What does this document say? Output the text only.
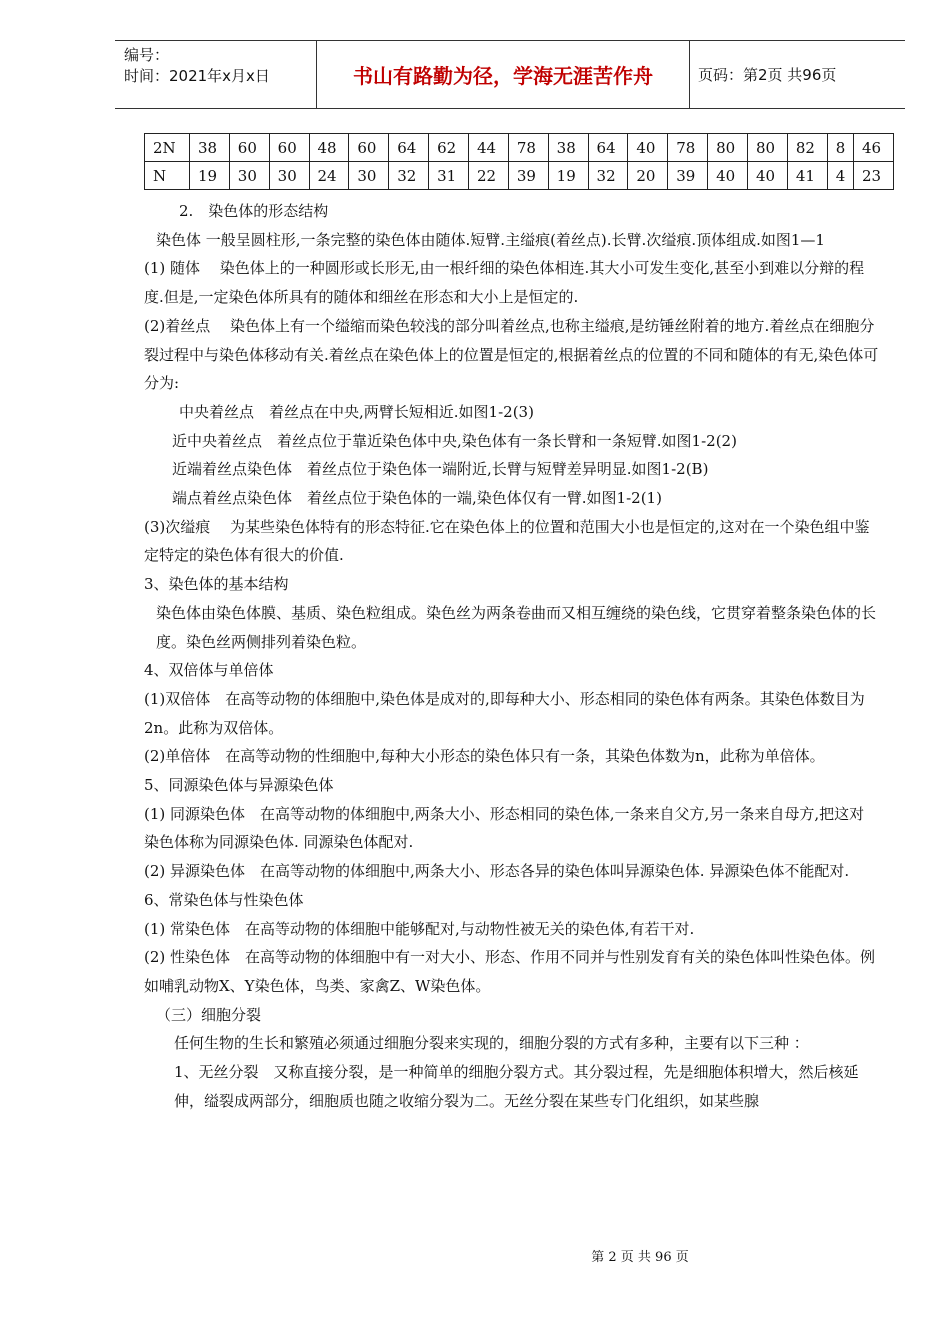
编号：
时间：2021年x月x日	书山有路勤为径，学海无涯苦作舟	页码：第2页 共96页
2N	38	60	60	48	60	64	62	44	78	38	64	40	78	80	80	82	8	46
N	19	30	30	24	30	32	31	22	39	19	32	20	39	40	40	41	4	23

2.　染色体的形态结构

染色体 一般呈圆柱形,一条完整的染色体由随体.短臂.主缢痕(着丝点).长臂.次缢痕.顶体组成.如图1—1

(1) 随体　 染色体上的一种圆形或长形无,由一根纤细的染色体相连.其大小可发生变化,甚至小到难以分辩的程度.但是,一定染色体所具有的随体和细丝在形态和大小上是恒定的.

(2)着丝点　 染色体上有一个缢缩而染色较浅的部分叫着丝点,也称主缢痕,是纺锤丝附着的地方.着丝点在细胞分裂过程中与染色体移动有关.着丝点在染色体上的位置是恒定的,根据着丝点的位置的不同和随体的有无,染色体可分为:

中央着丝点　着丝点在中央,两臂长短相近.如图1-2(3)

近中央着丝点　着丝点位于靠近染色体中央,染色体有一条长臂和一条短臂.如图1-2(2)

近端着丝点染色体　着丝点位于染色体一端附近,长臂与短臂差异明显.如图1-2(B)

端点着丝点染色体　着丝点位于染色体的一端,染色体仅有一臂.如图1-2(1)

(3)次缢痕　 为某些染色体特有的形态特征.它在染色体上的位置和范围大小也是恒定的,这对在一个染色组中鉴定特定的染色体有很大的价值.

3、染色体的基本结构

染色体由染色体膜、基质、染色粒组成。染色丝为两条卷曲而又相互缠绕的染色线，它贯穿着整条染色体的长度。染色丝两侧排列着染色粒。

4、双倍体与单倍体

(1)双倍体　在高等动物的体细胞中,染色体是成对的,即每种大小、形态相同的染色体有两条。其染色体数目为2n。此称为双倍体。

(2)单倍体　在高等动物的性细胞中,每种大小形态的染色体只有一条，其染色体数为n，此称为单倍体。

5、同源染色体与异源染色体

(1) 同源染色体　在高等动物的体细胞中,两条大小、形态相同的染色体,一条来自父方,另一条来自母方,把这对染色体称为同源染色体. 同源染色体配对.

(2) 异源染色体　在高等动物的体细胞中,两条大小、形态各异的染色体叫异源染色体. 异源染色体不能配对.

6、常染色体与性染色体

(1) 常染色体　在高等动物的体细胞中能够配对,与动物性被无关的染色体,有若干对.

(2) 性染色体　在高等动物的体细胞中有一对大小、形态、作用不同并与性别发育有关的染色体叫性染色体。例如哺乳动物X、Y染色体，鸟类、家禽Z、W染色体。

（三）细胞分裂

任何生物的生长和繁殖必须通过细胞分裂来实现的，细胞分裂的方式有多种，主要有以下三种 ：

1、无丝分裂　又称直接分裂，是一种简单的细胞分裂方式。其分裂过程，先是细胞体积增大，然后核延伸，缢裂成两部分，细胞质也随之收缩分裂为二。无丝分裂在某些专门化组织，如某些腺

第 2 页 共 96 页
